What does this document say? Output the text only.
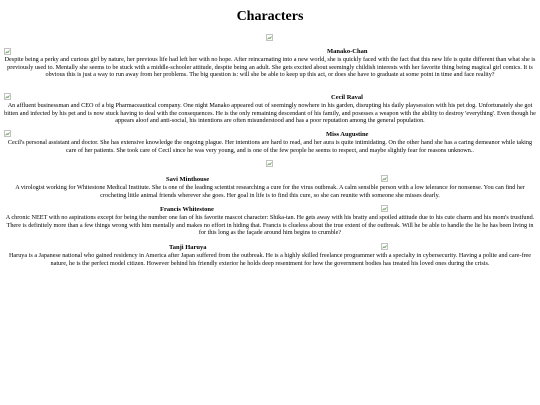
Characters
Manako-Chan

Despite being a perky and curious girl by nature, her previous life had left her with no hope. After reincarnating into a new world, she is quickly faced with the fact that this new life is quite different than what she is previously used to. Mentally she seems to be stuck with a middle-schooler attitude, despite being an adult. She gets excited about seemingly childish interests with her favorite thing being magical girl comics. It is obvious this is just a way to run away from her problems. The big question is: will she be able to keep up this act, or does she have to graduate at some point in time and face reality?

Cecil Raval

An affluent businessman and CEO of a big Pharmaceautical company. One night Manako appeared out of seemingly nowhere in his garden, disrupting his daily playsession with his pet dog. Unfortunately she got bitten and infected by his pet and is now stuck having to deal with the consequences. He is the only remaining descendant of his family, and posesses a weapon with the ability to destroy 'everything'. Even though he appears aloof and anti-social, his intentions are often misunderstood and has a poor reputation among the general population.

Miss Augustine

Cecil's personal assistant and doctor. She has extensive knowledge the ongoing plague. Her intentions are hard to read, and her aura is quite intimidating. On the other hand she has a caring demeanor while taking care of her patients. She took care of Cecil since he was very young, and is one of the few people he seems to respect, and maybe slightly fear for reasons unknown..

Savi Minthouse

A virologist working for Whitestone Medical Institute. She is one of the leading scientist researching a cure for the virus outbreak. A calm sensible person with a low telerance for nonsense. You can find her crocheting little animal friends wherever she goes. Her goal in life is to find this cure, so she can reunite with someone she misses dearly.

Francis Whitestone

A chronic NEET with no aspirations except for being the number one fan of his favorite mascot character: Shika-tan. He gets away with his bratty and spoiled attitude due to his cute charm and his mom's trustfund. There is definitely more than a few things wrong with him mentally and makes no effort in hiding that. Francis is clueless about the true extent of the outbreak. Will he be able to handle the lie he has been living in for this long as the façade around him begins to crumble?

Tanji Haruya

Haruya is a Japanese national who gained residency in America after Japan suffered from the outbreak. He is a highly skilled freelance programmer with a specialty in cybersecurity. Having a polite and care-free nature, he is the perfect model citizen. However behind his friendly exterior he holds deep resentment for how the government bodies has treated his loved ones during the crisis.
